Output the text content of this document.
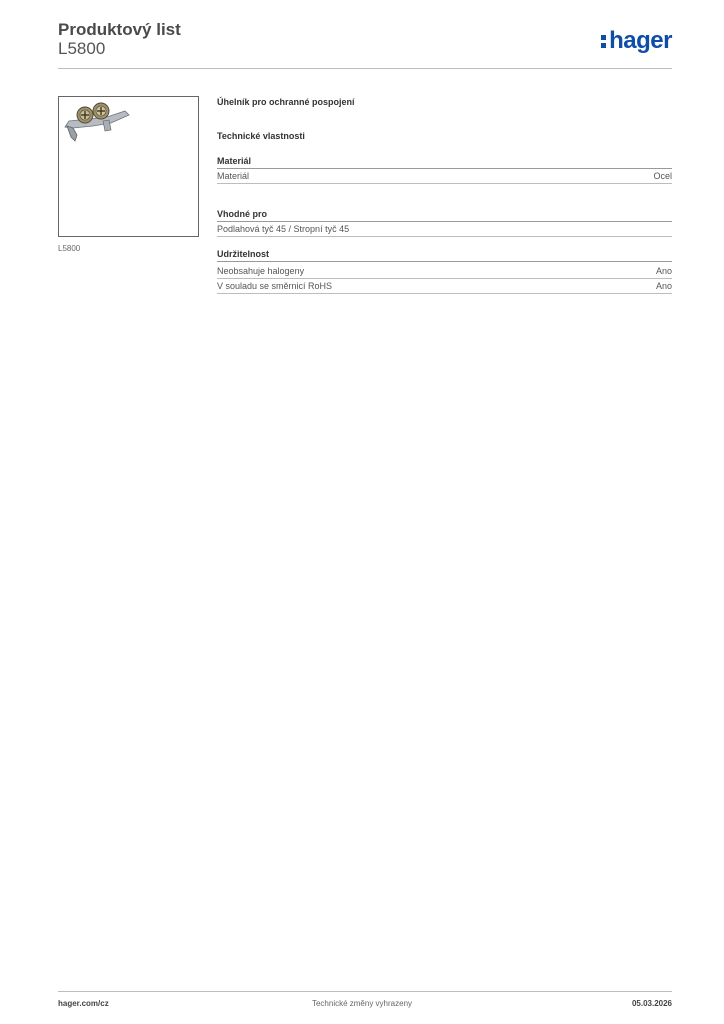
Produktový list
L5800	hager
L5800
Úhelník pro ochranné pospojení
Technické vlastnosti
Materiál
Materiál	Ocel
Vhodné pro
Podlahová tyč 45 / Stropní tyč 45
Udržitelnost
Neobsahuje halogeny	Ano
V souladu se směrnicí RoHS	Ano
hager.com/cz	Technické změny vyhrazeny	05.03.2026
